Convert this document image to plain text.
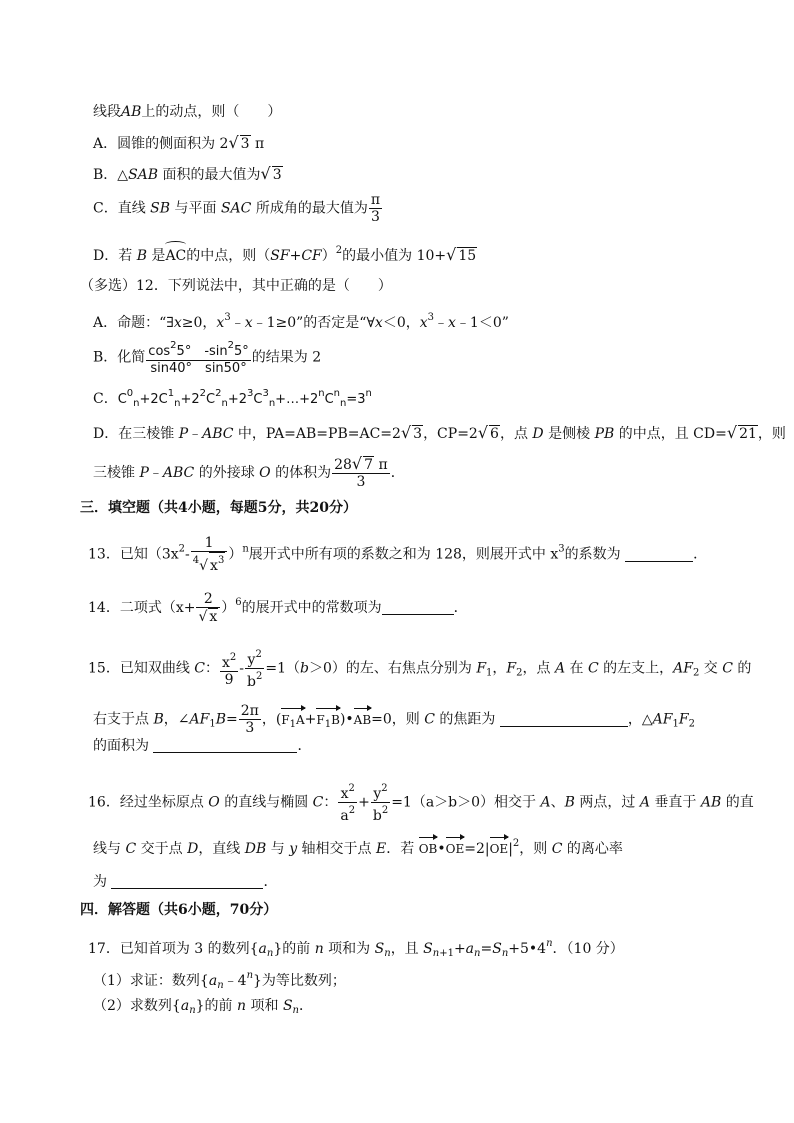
线段AB上的动点，则（　　）
A．圆锥的侧面积为 2√ 3 π
B．△SAB 面积的最大值为√ 3
C．直线 SB 与平面 SAC 所成角的最大值为 $\frac{\pi}{3}$
D．若 B 是AC的中点，则$(SF+CF)^2$的最小值为 10+√ 15
（多选）12．下列说法中，其中正确的是（　　）
A．命题：“∃x≥0，$x^3﹣x﹣1\ge 0$”的否定是“∀x＜0，$x^3﹣x﹣1<0$”
B．化简 $\frac{\cos^25^\circ -\sin^25^\circ}{\sin 40^\circ \sin 50^\circ}$ 的结果为 2
C．$C^0_n+2C^1_n+2^2C^2_n+2^3C^3_n+\dots+2^nC^n_n=3^n$
D．在三棱锥 P﹣ABC 中，PA=AB=PB=AC=2√ 3，CP=2√ 6，点 D 是侧棱 PB 的中点，且 CD=√ 21，则
三棱锥 P﹣ABC 的外接球 O 的体积为 $\frac{28√ 7 \pi}{3}$ ．
三．填空题（共4小题，每题5分，共20分）
13．已知$(3x^2- \frac{1}{^4√ x^3} )^n$展开式中所有项的系数之和为 128，则展开式中 $x^3$的系数为	．
14．二项式$(x+ \frac{2}{√ x} )^6$的展开式中的常数项为	．
15．已知双曲线 C： $\frac{x^2}{9} - \frac{y^2}{b^2} =1(b>0)$的左、右焦点分别为 $F_1$，$F_2$，点 A 在 C 的左支上，$AF_2$ 交 C 的
右支于点 B，$\angle AF_1B= \frac{2\pi}{3}$ ，$(F_1A+F_1B)•AB=0$，则 C 的焦距为	，$\triangle AF_1F_2$
的面积为	．
16．经过坐标原点 O 的直线与椭圆 C： $\frac{x^2}{a^2} + \frac{y^2}{b^2} =1(a>b>0)$相交于 A、B 两点，过 A 垂直于 AB 的直
线与 C 交于点 D，直线 DB 与 y 轴相交于点 E．若 $OB•OE=2|OE|^2$，则 C 的离心率
为	．
四．解答题（共6小题，70分）
17．已知首项为 3 的数列$\{a_n\}$的前 n 项和为 $S_n$，且 $S_{n+1}+a_n=S_n+5•4^n$．（10 分）
（1）求证：数列$\{a_n﹣4^n\}$为等比数列；
（2）求数列$\{a_n\}$的前 n 项和 $S_n$．
